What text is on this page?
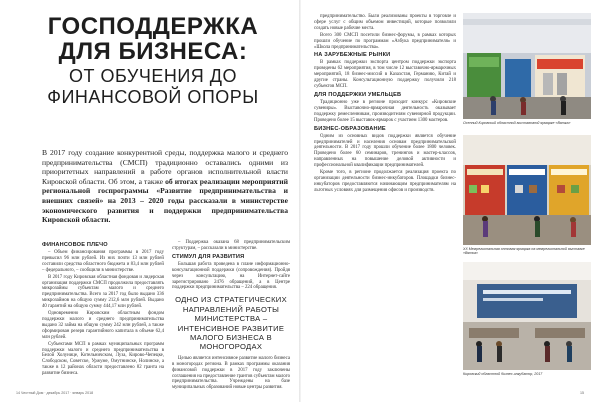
ГОСПОДДЕРЖКА
ДЛЯ БИЗНЕСА:
ОТ ОБУЧЕНИЯ ДО
ФИНАНСОВОЙ ОПОРЫ
В 2017 году создание конкурентной среды, поддержка малого и среднего предпринимательства (СМСП) традиционно оставались одними из приоритетных направлений в работе органов исполнительной власти Кировской области. Об этом, а также об итогах реализации мероприятий региональной госпрограммы «Развитие предпринимательства и внешних связей» на 2013 – 2020 годы рассказали в министерстве экономического развития и поддержки предпринимательства Кировской области.
ФИНАНСОВОЕ ПЛЕЧО

– Объем финансирования программы в 2017 году превысил 96 млн рублей. Из них почти 13 млн рублей составили средства областного бюджета и 83,4 млн рублей – федерального, – сообщили в министерстве.

В 2017 году Кировская областная фондовая и лидерская организация поддержки СМСП продолжила предоставлять микрозаймы субъектам малого и среднего предпринимательства. Всего за 2017 год было выдано 336 микрозаймов на общую сумму 212,6 млн рублей. Выдано 40 гарантий на общую сумму 444,17 млн рублей.

Одновременно Кировским областным фондом поддержки малого и среднего предпринимательства выдано 32 займа на общую сумму 242 млн рублей, а также сформирован резерв гарантийного капитала в объеме 62,4 млн рублей.

Субъектами МСП в рамках муниципальных программ поддержки малого и среднего предпринимательства в Белой Холунице, Котельничском, Луза, Кирово-Чепецке, Слободском, Советске, Уржуме, Омутнинске, Нолинске, а также в 12 районах области предоставлено 82 гранта на развитие бизнеса.

– Поддержка оказана 68 предпринимательским структурам, – рассказали в министерстве.

СТИМУЛ ДЛЯ РАЗВИТИЯ

Большая работа проведена в плане информационно-консультационной поддержки (сопровождения). Пройдя через консультацию, на Интернет-сайте зарегистрировано 2476 обращений, а в Центре поддержки предпринимательства – 224 обращения.

ОДНО ИЗ СТРАТЕГИЧЕСКИХ НАПРАВЛЕНИЙ РАБОТЫ МИНИСТЕРСТВА – ИНТЕНСИВНОЕ РАЗВИТИЕ МАЛОГО БИЗНЕСА В МОНОГОРОДАХ

Целью является интенсивное развитие малого бизнеса в моногородах региона. В рамках программы оказания финансовой поддержки в 2017 году заключены соглашения на предоставление грантов субъектам малого предпринимательства. Учреждены на базе муниципальных образований новые центры развития.

14 Честный Дом · декабрь 2017 · январь 2018

предпринимательство. Были реализованы проекты в торговле и сфере услуг с общим объемом инвестиций, которые позволили создать новые рабочие места.

Всего 300 СМСП посетили бизнес-форумы, в рамках которых прошли обучение по программам «Азбука предпринимателя» и «Школа предпринимательства».

НА ЗАРУБЕЖНЫЕ РЫНКИ

В рамках поддержки экспорта центром поддержки экспорта проведены 62 мероприятия, в том числе 12 выставочно-ярмарочных мероприятий, 18 бизнес-миссий в Казахстан, Германию, Китай и другие страны. Консультационную поддержку получили 218 субъектов МСП.

ДЛЯ ПОДДЕРЖКИ УМЕЛЬЦЕВ

Традиционно уже в регионе проходит конкурс «Кировские сувениры». Выставочно-ярмарочная деятельность оказывает поддержку ремесленникам, производителям сувенирной продукции. Проведено более 15 выставок-ярмарок с участием 1300 мастеров.

БИЗНЕС-ОБРАЗОВАНИЕ

Одним из основных видов поддержки является обучение предпринимателей и населения основам предпринимательской деятельности. В 2017 году прошли обучение более 1800 человек. Проведено более 60 семинаров, тренингов и мастер-классов, направленных на повышение деловой активности и профессиональной квалификации предпринимателей.

Кроме того, в регионе продолжается реализация проекта по организации деятельности бизнес-инкубаторов. Площадки бизнес-инкубаторов предоставляются начинающим предпринимателям на льготных условиях для размещения офисов и производств.

Осенний Кировский областной выставочной ярмарке «Вятка»
XX Межрегиональная оптовая ярмарка на межрегиональной выставке «Вятка»
Кировский областной бизнес-инкубатор, 2017
15
